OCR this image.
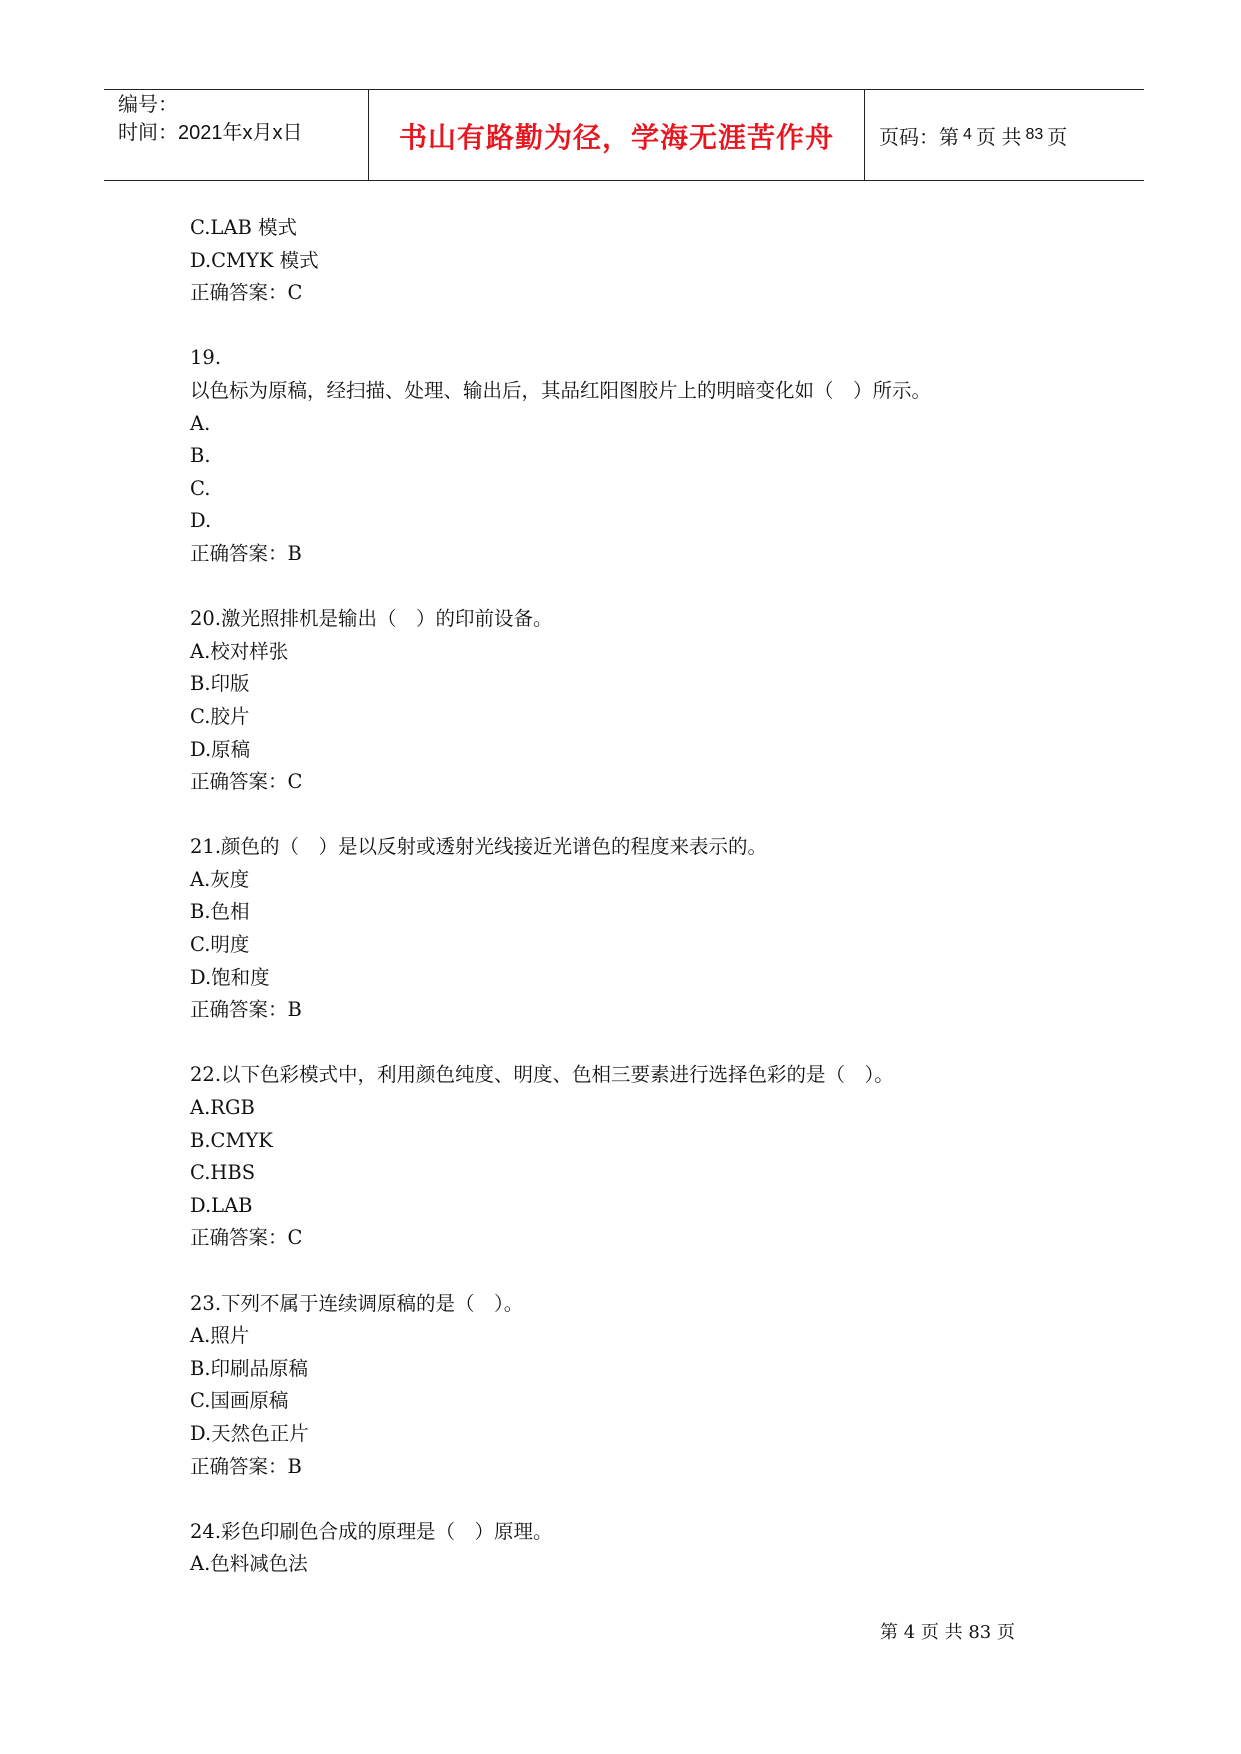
编号：
时间：2021年x月x日	书山有路勤为径，学海无涯苦作舟 页码：第 4 页 共 83 页
C.LAB 模式
D.CMYK 模式
正确答案：C
19.
以色标为原稿，经扫描、处理、输出后，其品红阳图胶片上的明暗变化如（　）所示。
A.
B.
C.
D.
正确答案：B
20.激光照排机是输出（　）的印前设备。
A.校对样张
B.印版
C.胶片
D.原稿
正确答案：C
21.颜色的（　）是以反射或透射光线接近光谱色的程度来表示的。
A.灰度
B.色相
C.明度
D.饱和度
正确答案：B
22.以下色彩模式中，利用颜色纯度、明度、色相三要素进行选择色彩的是（　）。
A.RGB
B.CMYK
C.HBS
D.LAB
正确答案：C
23.下列不属于连续调原稿的是（　）。
A.照片
B.印刷品原稿
C.国画原稿
D.天然色正片
正确答案：B
24.彩色印刷色合成的原理是（　）原理。
A.色料减色法
第 4 页 共 83 页
